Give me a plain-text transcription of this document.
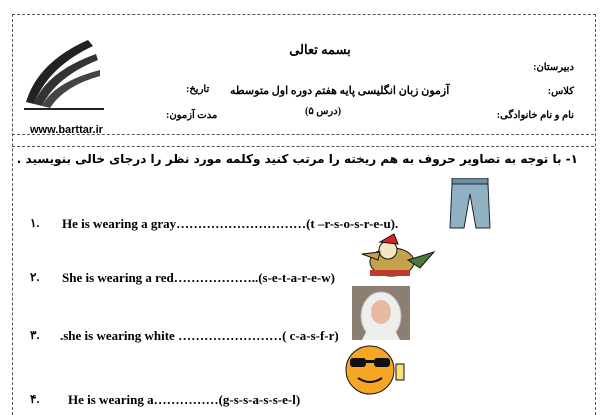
www.barttar.ir
بسمه تعالی
دبیرستان:
کلاس:
نام و نام خانوادگی:
آزمون زبان انگلیسی پایه هفتم دوره اول متوسطه
(درس ۵)
تاریخ:
مدت آزمون:
۱- با توجه به تصاویر حروف به هم ریخته را مرتب کنید وکلمه مورد نظر را درجای خالی بنویسید .
۱. He is wearing a gray…………………………(t –r-s-o-s-r-e-u).
۲. She is wearing a red………………..(s-e-t-a-r-e-w)
۳. .she is wearing white ……………………( c-a-s-f-r)
۴. He is wearing a……………(g-s-s-a-s-s-e-l)
